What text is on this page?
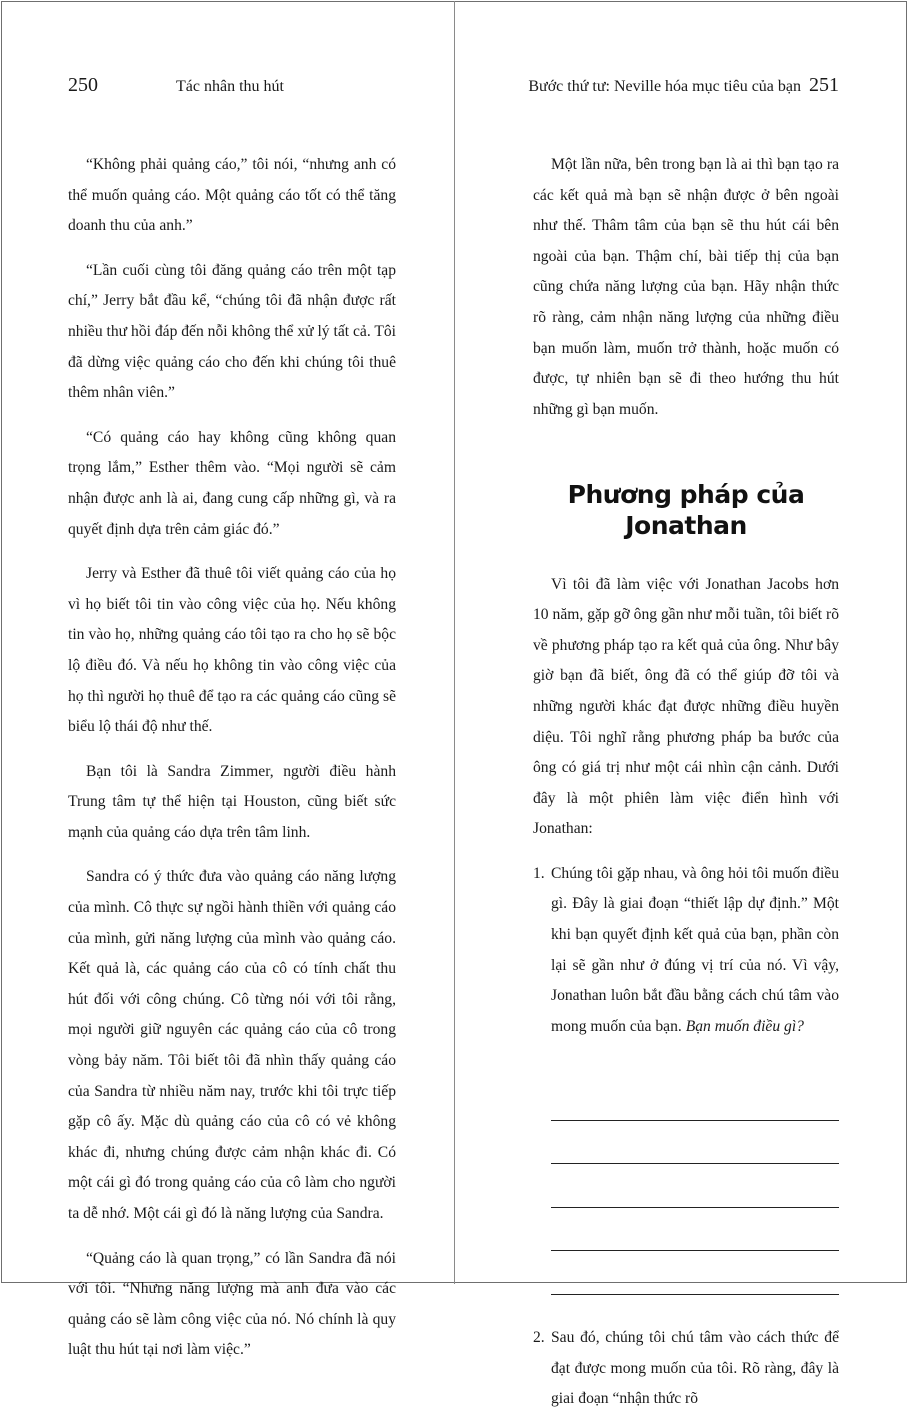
250	Tác nhân thu hút

“Không phải quảng cáo,” tôi nói, “nhưng anh có thể muốn quảng cáo. Một quảng cáo tốt có thể tăng doanh thu của anh.”

“Lần cuối cùng tôi đăng quảng cáo trên một tạp chí,” Jerry bắt đầu kể, “chúng tôi đã nhận được rất nhiều thư hồi đáp đến nỗi không thể xử lý tất cả. Tôi đã dừng việc quảng cáo cho đến khi chúng tôi thuê thêm nhân viên.”

“Có quảng cáo hay không cũng không quan trọng lắm,” Esther thêm vào. “Mọi người sẽ cảm nhận được anh là ai, đang cung cấp những gì, và ra quyết định dựa trên cảm giác đó.”

Jerry và Esther đã thuê tôi viết quảng cáo của họ vì họ biết tôi tin vào công việc của họ. Nếu không tin vào họ, những quảng cáo tôi tạo ra cho họ sẽ bộc lộ điều đó. Và nếu họ không tin vào công việc của họ thì người họ thuê để tạo ra các quảng cáo cũng sẽ biểu lộ thái độ như thế.

Bạn tôi là Sandra Zimmer, người điều hành Trung tâm tự thể hiện tại Houston, cũng biết sức mạnh của quảng cáo dựa trên tâm linh.

Sandra có ý thức đưa vào quảng cáo năng lượng của mình. Cô thực sự ngồi hành thiền với quảng cáo của mình, gửi năng lượng của mình vào quảng cáo. Kết quả là, các quảng cáo của cô có tính chất thu hút đối với công chúng. Cô từng nói với tôi rằng, mọi người giữ nguyên các quảng cáo của cô trong vòng bảy năm. Tôi biết tôi đã nhìn thấy quảng cáo của Sandra từ nhiều năm nay, trước khi tôi trực tiếp gặp cô ấy. Mặc dù quảng cáo của cô có vẻ không khác đi, nhưng chúng được cảm nhận khác đi. Có một cái gì đó trong quảng cáo của cô làm cho người ta dễ nhớ. Một cái gì đó là năng lượng của Sandra.

“Quảng cáo là quan trọng,” có lần Sandra đã nói với tôi. “Nhưng năng lượng mà anh đưa vào các quảng cáo sẽ làm công việc của nó. Nó chính là quy luật thu hút tại nơi làm việc.”

Bước thứ tư: Neville hóa mục tiêu của bạn 251

Một lần nữa, bên trong bạn là ai thì bạn tạo ra các kết quả mà bạn sẽ nhận được ở bên ngoài như thế. Thâm tâm của bạn sẽ thu hút cái bên ngoài của bạn. Thậm chí, bài tiếp thị của bạn cũng chứa năng lượng của bạn. Hãy nhận thức rõ ràng, cảm nhận năng lượng của những điều bạn muốn làm, muốn trở thành, hoặc muốn có được, tự nhiên bạn sẽ đi theo hướng thu hút những gì bạn muốn.

Phương pháp của Jonathan

Vì tôi đã làm việc với Jonathan Jacobs hơn 10 năm, gặp gỡ ông gần như mỗi tuần, tôi biết rõ về phương pháp tạo ra kết quả của ông. Như bây giờ bạn đã biết, ông đã có thể giúp đỡ tôi và những người khác đạt được những điều huyền diệu. Tôi nghĩ rằng phương pháp ba bước của ông có giá trị như một cái nhìn cận cảnh. Dưới đây là một phiên làm việc điển hình với Jonathan:

1. Chúng tôi gặp nhau, và ông hỏi tôi muốn điều gì. Đây là giai đoạn “thiết lập dự định.” Một khi bạn quyết định kết quả của bạn, phần còn lại sẽ gần như ở đúng vị trí của nó. Vì vậy, Jonathan luôn bắt đầu bằng cách chú tâm vào mong muốn của bạn. Bạn muốn điều gì?
2. Sau đó, chúng tôi chú tâm vào cách thức để đạt được mong muốn của tôi. Rõ ràng, đây là giai đoạn “nhận thức rõ
